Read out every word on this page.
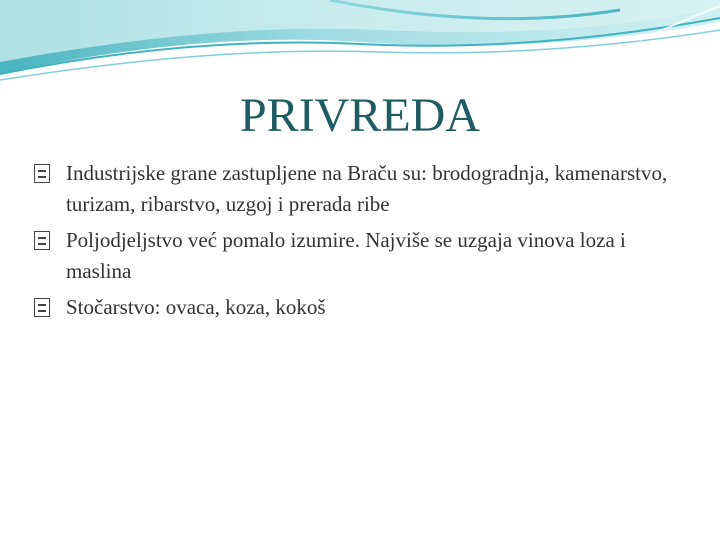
PRIVREDA
Industrijske grane zastupljene na Braču su: brodogradnja, kamenarstvo, turizam, ribarstvo, uzgoj i prerada ribe
Poljodjeljstvo već pomalo izumire. Najviše se uzgaja vinova loza i maslina
Stočarstvo: ovaca, koza, kokoš
